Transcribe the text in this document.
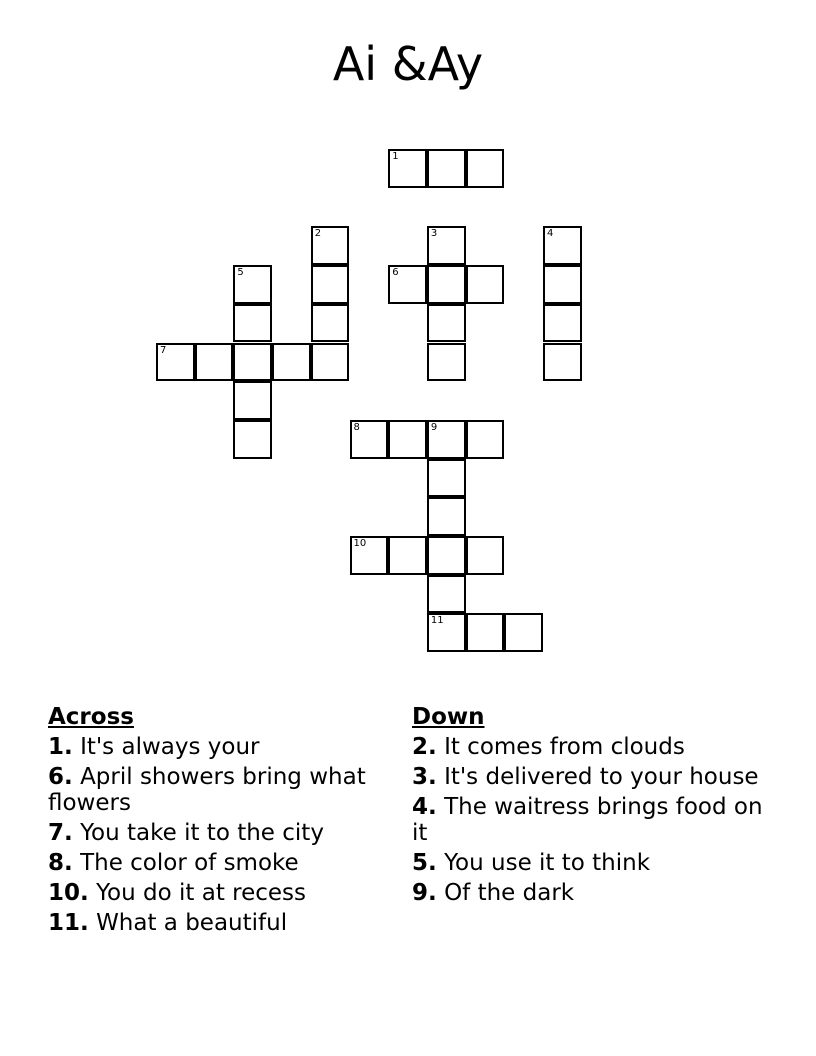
Ai &Ay
1
2	3	4
5	6
7
8	9
11
10
Across
1. It's always your
6. April showers bring what flowers
7. You take it to the city
8. The color of smoke
10. You do it at recess
11. What a beautiful
Down
2. It comes from clouds
3. It's delivered to your house
4. The waitress brings food on it
5. You use it to think
9. Of the dark
